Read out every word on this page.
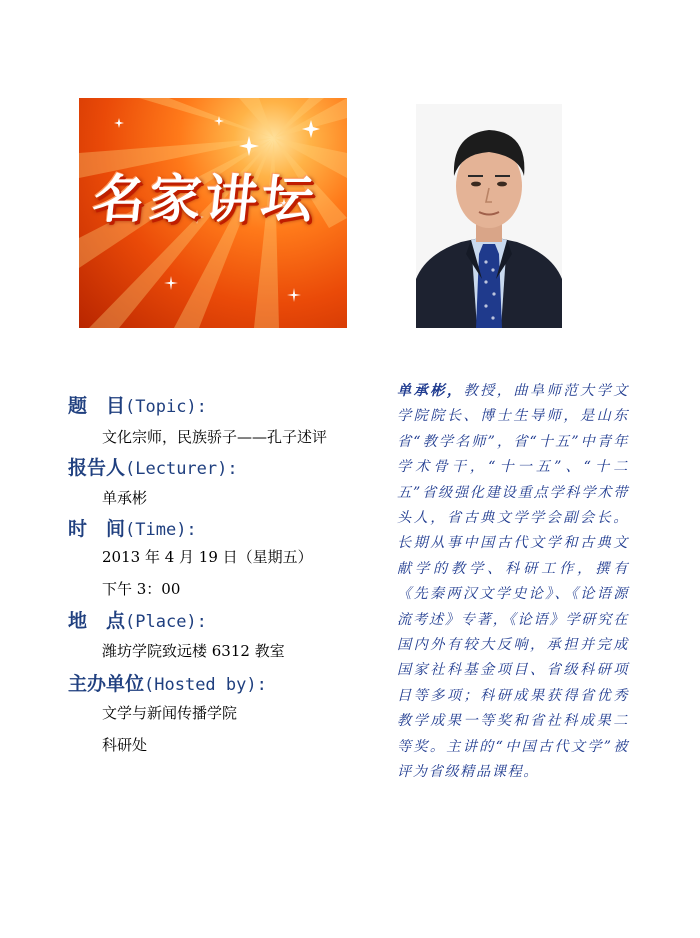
名家讲坛
题　目(Topic):
文化宗师，民族骄子——孔子述评
报告人(Lecturer):
单承彬
时　间(Time):
2013 年 4 月 19 日（星期五）
下午 3：00
地　点(Place):
潍坊学院致远楼 6312 教室
主办单位(Hosted by):
文学与新闻传播学院
科研处
单承彬，教授，曲阜师范大学文学院院长、博士生导师，是山东省“教学名师”，省“十五”中青年学术骨干，“十一五”、“十二五”省级强化建设重点学科学术带头人，省古典文学学会副会长。长期从事中国古代文学和古典文献学的教学、科研工作，撰有《先秦两汉文学史论》、《论语源流考述》专著，《论语》学研究在国内外有较大反响，承担并完成国家社科基金项目、省级科研项目等多项；科研成果获得省优秀教学成果一等奖和省社科成果二等奖。主讲的“中国古代文学”被评为省级精品课程。
